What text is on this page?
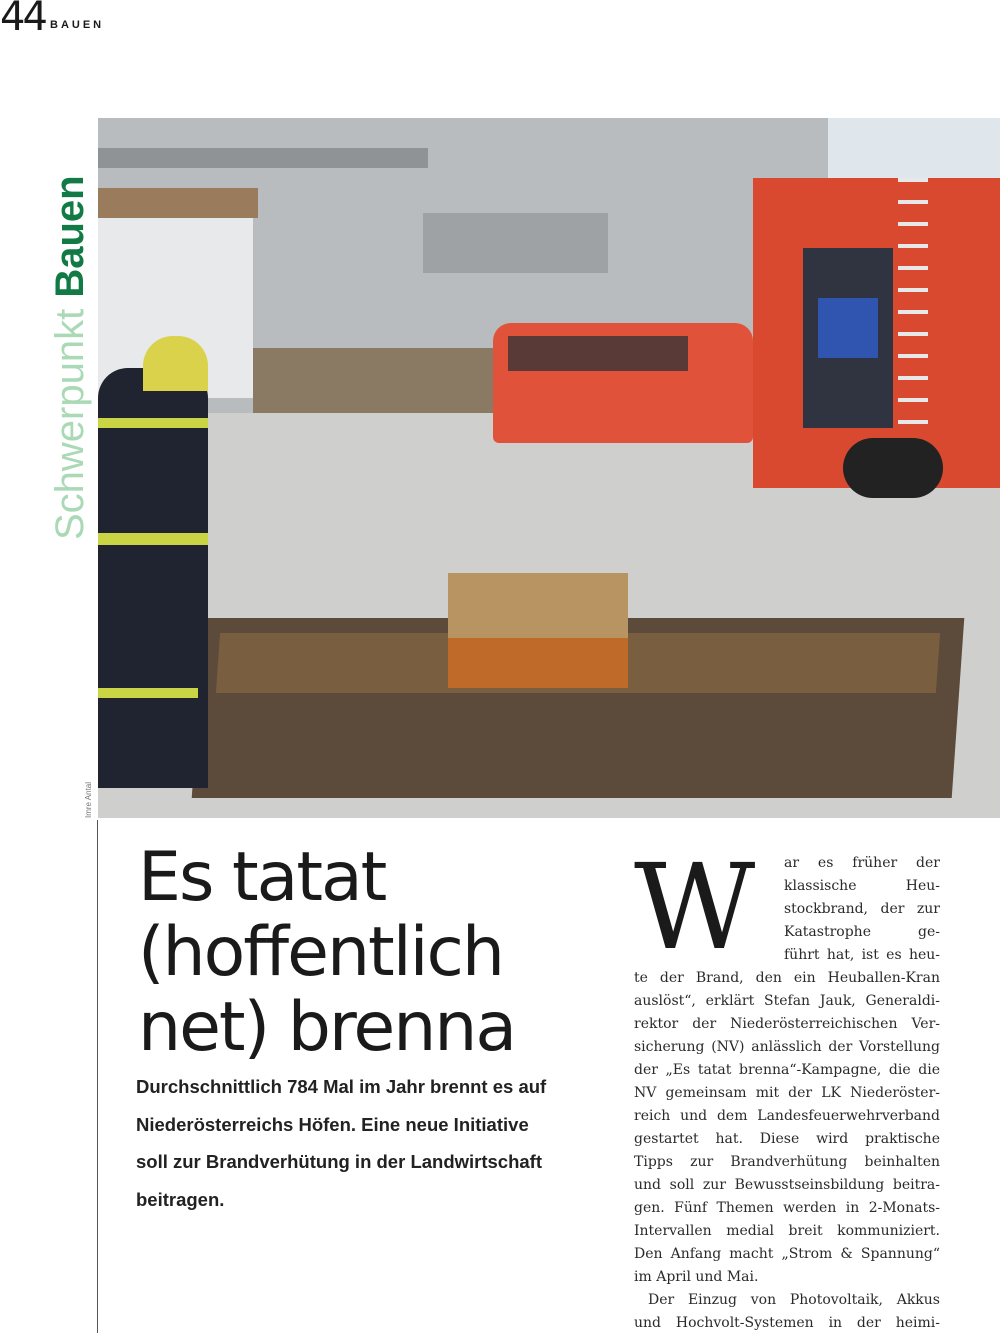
44 BAUEN
Schwerpunkt Bauen
Imre Antal
Es tatat
(hoffentlich
net) brenna
Durchschnittlich 784 Mal im Jahr brennt es auf Niederösterreichs Höfen. Eine neue Initiative soll zur Brandverhütung in der Landwirtschaft beitragen.
W	ar es früher der
klassische Heu-
stockbrand, der zur
Katastrophe ge-
führt hat, ist es heu-
te der Brand, den ein Heuballen-Kran
auslöst“, erklärt Stefan Jauk, Generaldi-
rektor der Niederösterreichischen Ver-
sicherung (NV) anlässlich der Vorstellung
der „Es tatat brenna“-Kampagne, die die
NV gemeinsam mit der LK Niederöster-
reich und dem Landesfeuerwehrverband
gestartet hat. Diese wird praktische
Tipps zur Brandverhütung beinhalten
und soll zur Bewusstseinsbildung beitra-
gen. Fünf Themen werden in 2-Monats-
Intervallen medial breit kommuniziert.
Den Anfang macht „Strom & Spannung“
im April und Mai.
Der Einzug von Photovoltaik, Akkus
und Hochvolt-Systemen in der heimi-
